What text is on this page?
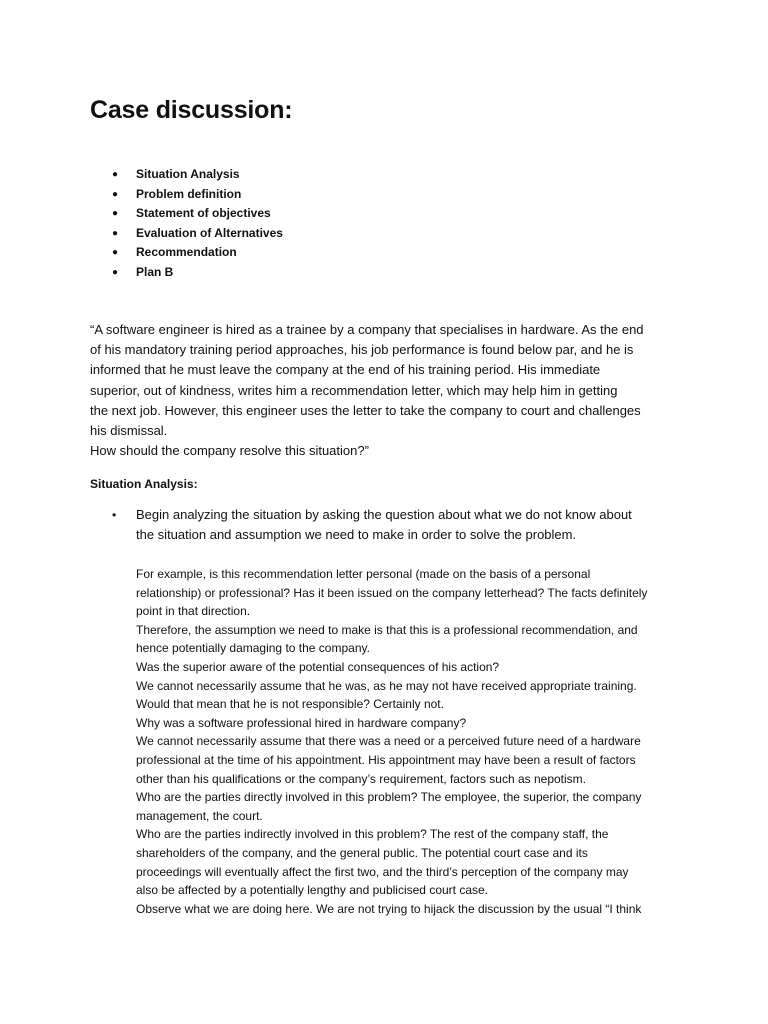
Case discussion:
● Situation Analysis
● Problem definition
● Statement of objectives
● Evaluation of Alternatives
● Recommendation
● Plan B

“A software engineer is hired as a trainee by a company that specialises in hardware. As the end
of his mandatory training period approaches, his job performance is found below par, and he is
informed that he must leave the company at the end of his training period. His immediate
superior, out of kindness, writes him a recommendation letter, which may help him in getting
the next job. However, this engineer uses the letter to take the company to court and challenges
his dismissal.
How should the company resolve this situation?”

Situation Analysis:
• Begin analyzing the situation by asking the question about what we do not know about
the situation and assumption we need to make in order to solve the problem.

For example, is this recommendation letter personal (made on the basis of a personal
relationship) or professional? Has it been issued on the company letterhead? The facts definitely
point in that direction.
Therefore, the assumption we need to make is that this is a professional recommendation, and
hence potentially damaging to the company.
Was the superior aware of the potential consequences of his action?
We cannot necessarily assume that he was, as he may not have received appropriate training.
Would that mean that he is not responsible? Certainly not.
Why was a software professional hired in hardware company?
We cannot necessarily assume that there was a need or a perceived future need of a hardware
professional at the time of his appointment. His appointment may have been a result of factors
other than his qualifications or the company’s requirement, factors such as nepotism.
Who are the parties directly involved in this problem? The employee, the superior, the company
management, the court.
Who are the parties indirectly involved in this problem? The rest of the company staff, the
shareholders of the company, and the general public. The potential court case and its
proceedings will eventually affect the first two, and the third’s perception of the company may
also be affected by a potentially lengthy and publicised court case.
Observe what we are doing here. We are not trying to hijack the discussion by the usual “I think
